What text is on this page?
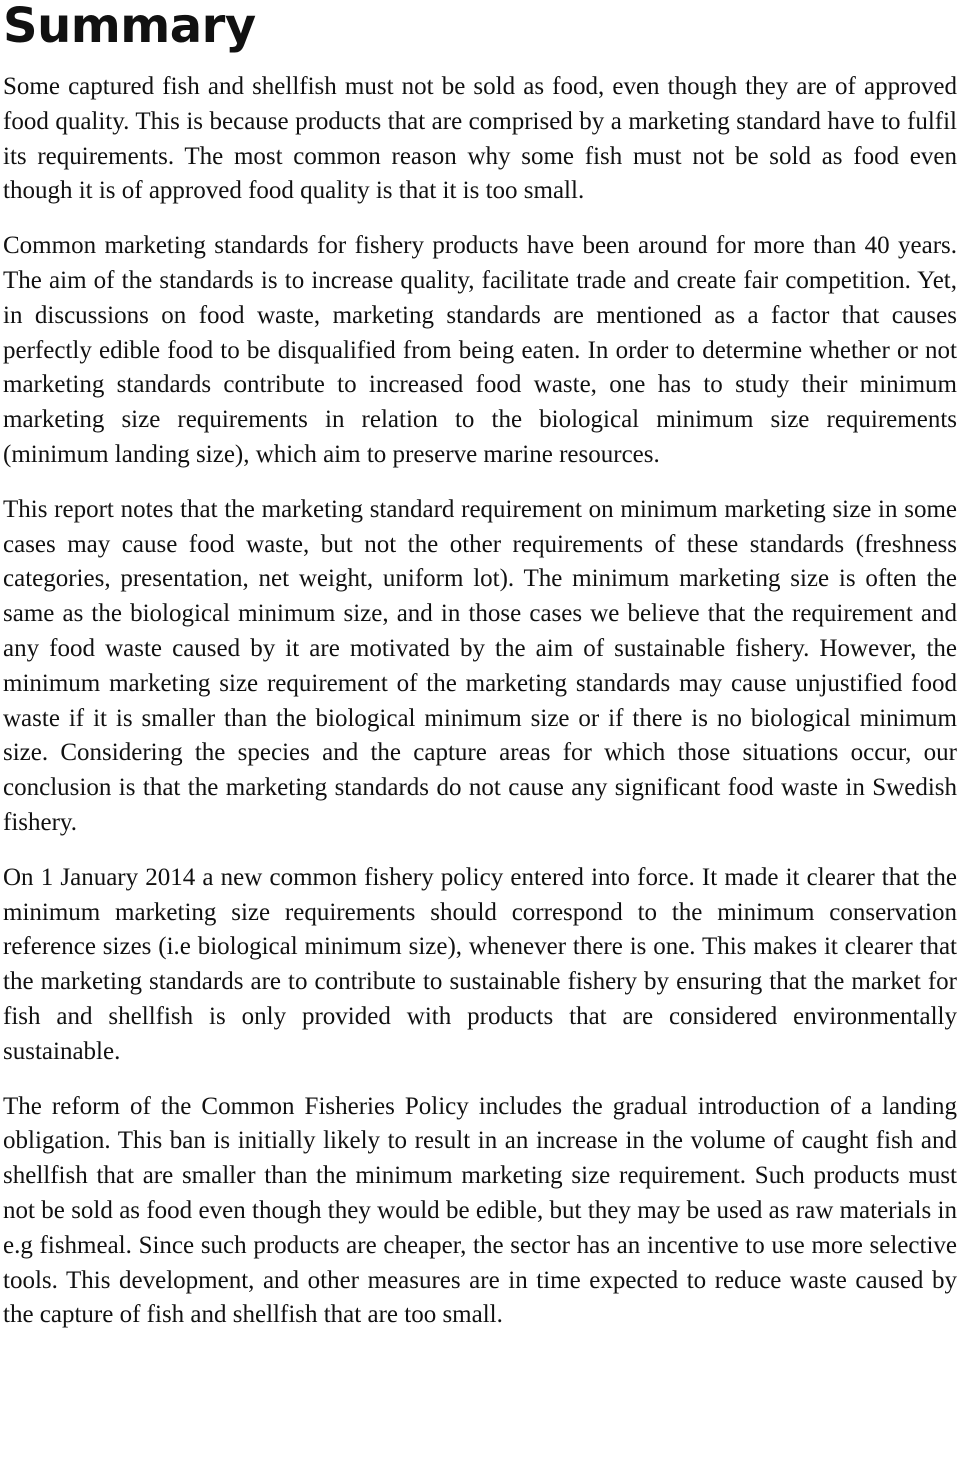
Summary

Some captured fish and shellfish must not be sold as food, even though they are of approved food quality. This is because products that are comprised by a marketing standard have to fulfil its requirements. The most common reason why some fish must not be sold as food even though it is of approved food quality is that it is too small.

Common marketing standards for fishery products have been around for more than 40 years. The aim of the standards is to increase quality, facilitate trade and create fair competition. Yet, in discussions on food waste, marketing standards are mentioned as a factor that causes perfectly edible food to be disqualified from being eaten. In order to determine whether or not marketing standards contribute to increased food waste, one has to study their minimum marketing size requirements in relation to the biological minimum size requirements (minimum landing size), which aim to preserve marine resources.

This report notes that the marketing standard requirement on minimum marketing size in some cases may cause food waste, but not the other requirements of these standards (freshness categories, presentation, net weight, uniform lot). The minimum marketing size is often the same as the biological minimum size, and in those cases we believe that the requirement and any food waste caused by it are motivated by the aim of sustainable fishery. However, the minimum marketing size requirement of the marketing standards may cause unjustified food waste if it is smaller than the biological minimum size or if there is no biological minimum size. Considering the species and the capture areas for which those situations occur, our conclusion is that the marketing standards do not cause any significant food waste in Swedish fishery.

On 1 January 2014 a new common fishery policy entered into force. It made it clearer that the minimum marketing size requirements should correspond to the minimum conservation reference sizes (i.e biological minimum size), whenever there is one. This makes it clearer that the marketing standards are to contribute to sustainable fishery by ensuring that the market for fish and shellfish is only provided with products that are considered environmentally sustainable.

The reform of the Common Fisheries Policy includes the gradual introduction of a landing obligation. This ban is initially likely to result in an increase in the volume of caught fish and shellfish that are smaller than the minimum marketing size requirement. Such products must not be sold as food even though they would be edible, but they may be used as raw materials in e.g fishmeal. Since such products are cheaper, the sector has an incentive to use more selective tools. This development, and other measures are in time expected to reduce waste caused by the capture of fish and shellfish that are too small.
